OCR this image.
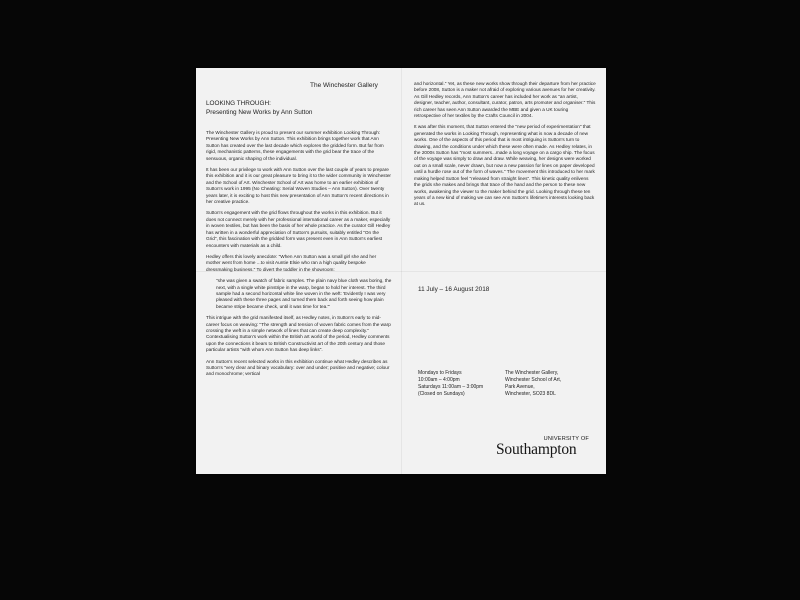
The Winchester Gallery
LOOKING THROUGH:
Presenting New Works by Ann Sutton

The Winchester Gallery is proud to present our summer exhibition Looking Through: Presenting New Works by Ann Sutton. This exhibition brings together work that Ann Sutton has created over the last decade which explores the gridded form. But far from rigid, mechanistic patterns, these engagements with the grid bear the trace of the sensuous, organic shaping of the individual.

It has been our privilege to work with Ann Sutton over the last couple of years to prepare this exhibition and it is our great pleasure to bring it to the wider community in Winchester and the School of Art. Winchester School of Art was home to an earlier exhibition of Sutton's work in 1995 (No Cheating: Serial Woven Studies – Ann Sutton). Over twenty years later, it is exciting to host this new presentation of Ann Sutton's recent directions in her creative practice.

Sutton's engagement with the grid flows throughout the works in this exhibition. But it does not connect merely with her professional international career as a maker, especially in woven textiles, but has been the basis of her whole practice. As the curator Gill Hedley has written in a wonderful appreciation of Sutton's pursuits, suitably entitled "On the Grid", this fascination with the gridded form was present even in Ann Sutton's earliest encounters with materials as a child.

Hedley offers this lovely anecdote: "When Ann Sutton was a small girl she and her mother went from home ...to visit Auntie Elsie who ran a high quality bespoke dressmaking business." To divert the toddler in the showroom:

"she was given a swatch of fabric samples. The plain navy blue cloth was boring, the next, with a single white pinstripe in the warp, began to hold her interest. The third sample had a second horizontal white line woven in the weft: 'Evidently I was very pleased with these three pages and turned them back and forth seeing how plain became stripe became check, until it was time for tea.'"

This intrigue with the grid manifested itself, as Hedley notes, in Sutton's early to mid-career focus on weaving: "The strength and tension of woven fabric comes from the warp crossing the weft in a simple network of lines that can create deep complexity." Contextualising Sutton's work within the British art world of the period, Hedley comments upon the connections it bears to British Constructivist art of the 20th century and those particular artists "with whom Ann Sutton has deep links".

Ann Sutton's recent selected works in this exhibition continue what Hedley describes as Sutton's "very clear and binary vocabulary: over and under; positive and negative; colour and monochrome; vertical

and horizontal." Yet, as these new works show through their departure from her practice before 2008, Sutton is a maker not afraid of exploring various avenues for her creativity. As Gill Hedley records, Ann Sutton's career has included her work as "an artist, designer, teacher, author, consultant, curator, patron, arts promoter and organiser." This rich career has seen Ann Sutton awarded the MBE and given a UK touring retrospective of her textiles by the Crafts Council in 2004.

It was after this moment, that Sutton entered the "new period of experimentation" that generated the works in Looking Through, representing what is now a decade of new works. One of the aspects of this period that is most intriguing is Sutton's turn to drawing, and the conditions under which these were often made. As Hedley relates, in the 2000s Sutton has "most summers...made a long voyage on a cargo ship. The focus of the voyage was simply to draw and draw. While weaving, her designs were worked out on a small scale, never drawn, but now a new passion for lines on paper developed until a hurdle rose out of the form of waves." The movement this introduced to her mark making helped Sutton feel "released from straight lines". This kinetic quality enlivens the grids she makes and brings that trace of the hand and the person to these new works, awakening the viewer to the maker behind the grid. Looking through these ten years of a new kind of making we can see Ann Sutton's lifetime's interests looking back at us.

11 July – 16 August 2018
Mondays to Fridays
10:00am – 4:00pm
Saturdays 11:00am – 3:00pm
(Closed on Sundays)
The Winchester Gallery,
Winchester School of Art,
Park Avenue,
Winchester, SO23 8DL
UNIVERSITY OF
Southampton
